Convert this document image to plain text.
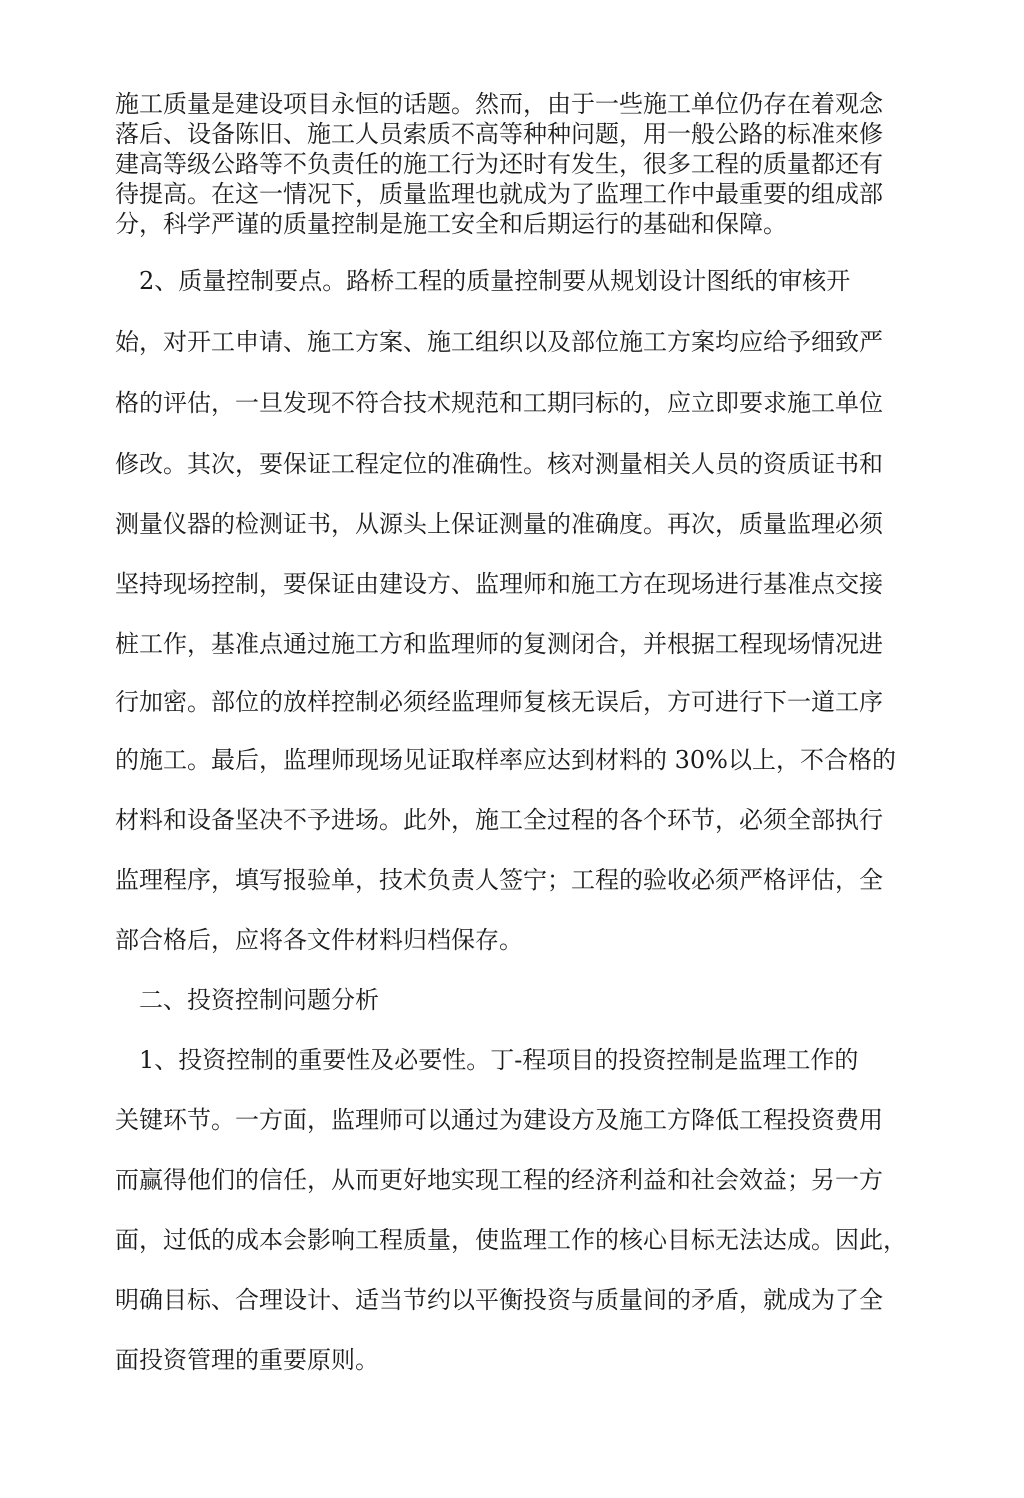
施工质量是建设项目永恒的话题。然而，由于一些施工单位仍存在着观念

落后、设备陈旧、施工人员索质不高等种种问题，用一般公路的标准來修

建高等级公路等不负责任的施工行为还时有发生，很多工程的质量都还有

待提高。在这一情况下，质量监理也就成为了监理工作中最重要的组成部

分，科学严谨的质量控制是施工安全和后期运行的基础和保障。

　2、质量控制要点。路桥工程的质量控制要从规划设计图纸的审核开

始，对开工申请、施工方案、施工组织以及部位施工方案均应给予细致严

格的评估，一旦发现不符合技术规范和工期冃标的，应立即要求施工单位

修改。其次，要保证工程定位的准确性。核对测量相关人员的资质证书和

测量仪器的检测证书，从源头上保证测量的准确度。再次，质量监理必须

坚持现场控制，要保证由建设方、监理师和施工方在现场进行基准点交接

桩工作，基准点通过施工方和监理师的复测闭合，并根据工程现场情况进

行加密。部位的放样控制必须经监理师复核无误后，方可进行下一道工序

的施工。最后，监理师现场见证取样率应达到材料的 30%以上，不合格的

材料和设备坚决不予进场。此外，施工全过程的各个环节，必须全部执行

监理程序，填写报验单，技术负责人签宁；工程的验收必须严格评估，全

部合格后，应将各文件材料归档保存。

　二、投资控制问题分析

　1、投资控制的重要性及必要性。丁-程项目的投资控制是监理工作的

关键环节。一方面，监理师可以通过为建设方及施工方降低工程投资费用

而赢得他们的信任，从而更好地实现工程的经济利益和社会效益；另一方

面，过低的成本会影响工程质量，使监理工作的核心目标无法达成。因此，

明确目标、合理设计、适当节约以平衡投资与质量间的矛盾，就成为了全

面投资管理的重要原则。
